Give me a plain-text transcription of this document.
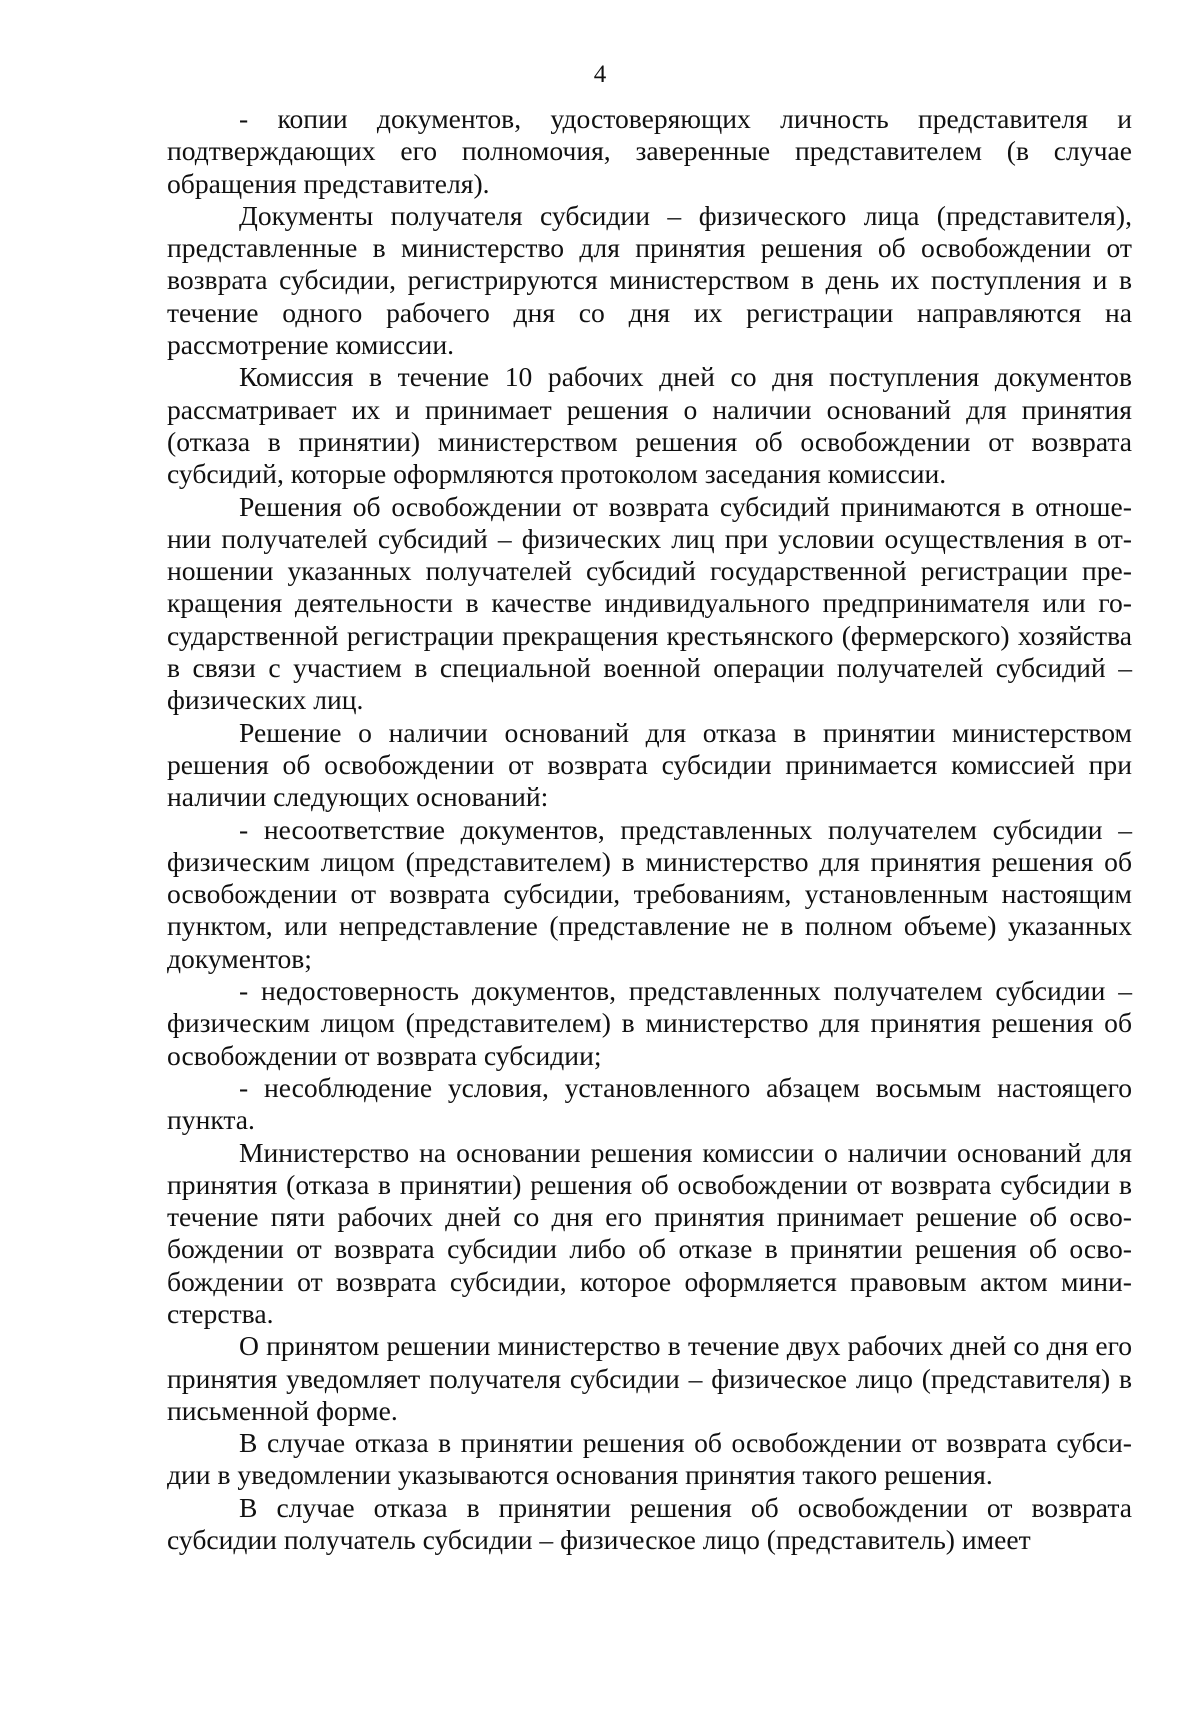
4

- копии документов, удостоверяющих личность представителя и подтверждающих его полномочия, заверенные представителем (в случае обращения представителя).

Документы получателя субсидии – физического лица (представителя), представленные в министерство для принятия решения об освобождении от возврата субсидии, регистрируются министерством в день их поступления и в течение одного рабочего дня со дня их регистрации направляются на рассмотрение комиссии.

Комиссия в течение 10 рабочих дней со дня поступления документов рассматривает их и принимает решения о наличии оснований для принятия (отказа в принятии) министерством решения об освобождении от возврата субсидий, которые оформляются протоколом заседания комиссии.

Решения об освобождении от возврата субсидий принимаются в отношении получателей субсидий – физических лиц при условии осуществления в отношении указанных получателей субсидий государственной регистрации прекращения деятельности в качестве индивидуального предпринимателя или государственной регистрации прекращения крестьянского (фермерского) хозяйства в связи с участием в специальной военной операции получателей субсидий – физических лиц.

Решение о наличии оснований для отказа в принятии министерством решения об освобождении от возврата субсидии принимается комиссией при наличии следующих оснований:

- несоответствие документов, представленных получателем субсидии – физическим лицом (представителем) в министерство для принятия решения об освобождении от возврата субсидии, требованиям, установленным настоящим пунктом, или непредставление (представление не в полном объеме) указанных документов;

- недостоверность документов, представленных получателем субсидии – физическим лицом (представителем) в министерство для принятия решения об освобождении от возврата субсидии;

- несоблюдение условия, установленного абзацем восьмым настоящего пункта.

Министерство на основании решения комиссии о наличии оснований для принятия (отказа в принятии) решения об освобождении от возврата субсидии в течение пяти рабочих дней со дня его принятия принимает решение об освобождении от возврата субсидии либо об отказе в принятии решения об освобождении от возврата субсидии, которое оформляется правовым актом министерства.

О принятом решении министерство в течение двух рабочих дней со дня его принятия уведомляет получателя субсидии – физическое лицо (представителя) в письменной форме.

В случае отказа в принятии решения об освобождении от возврата субсидии в уведомлении указываются основания принятия такого решения.

В случае отказа в принятии решения об освобождении от возврата субсидии получатель субсидии – физическое лицо (представитель) имеет
